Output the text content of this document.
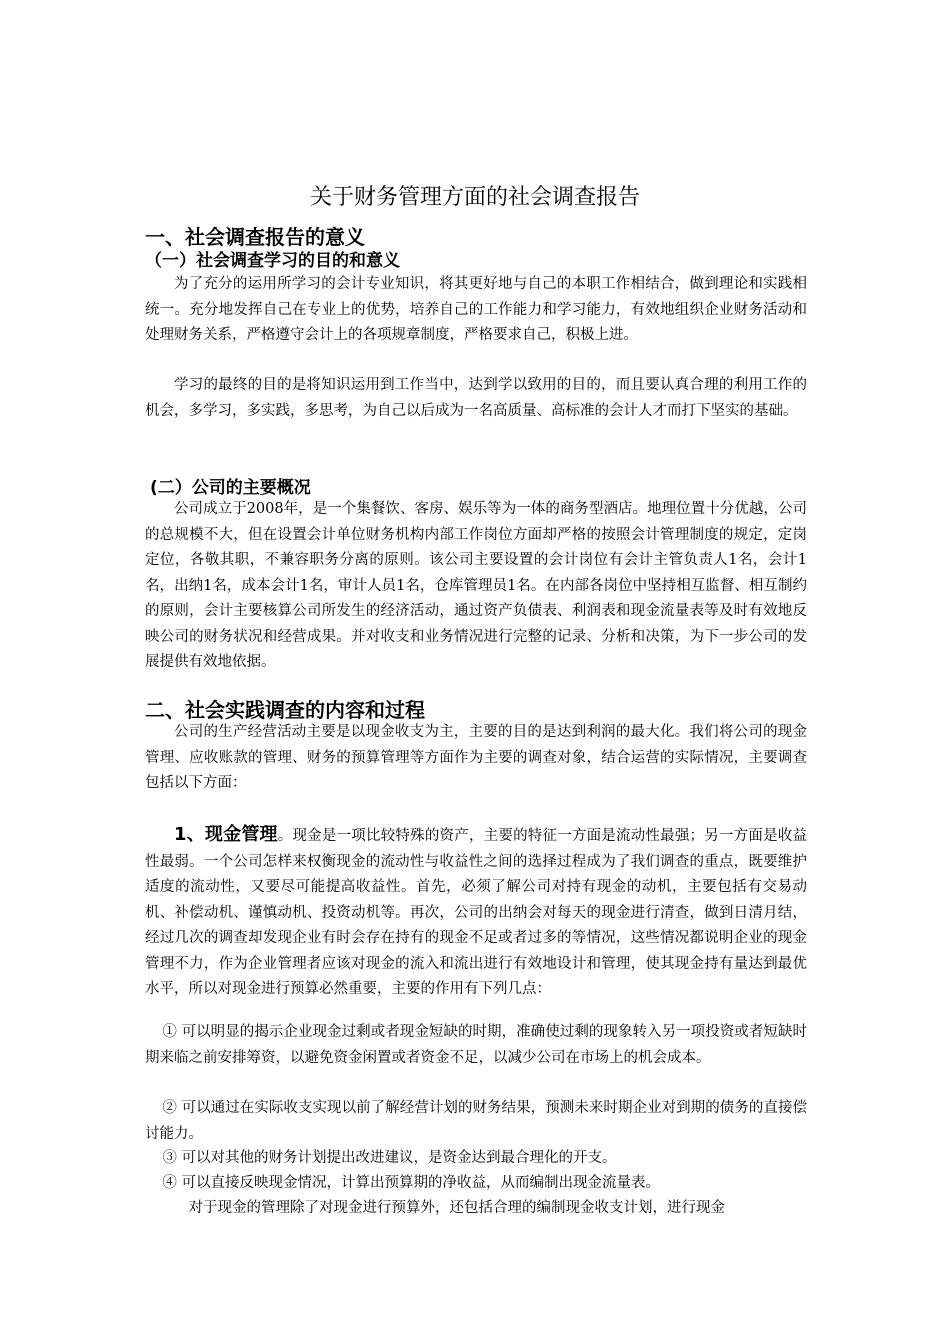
关于财务管理方面的社会调查报告
一、社会调查报告的意义
（一）社会调查学习的目的和意义

为了充分的运用所学习的会计专业知识，将其更好地与自己的本职工作相结合，做到理论和实践相统一。充分地发挥自己在专业上的优势，培养自己的工作能力和学习能力，有效地组织企业财务活动和处理财务关系，严格遵守会计上的各项规章制度，严格要求自己，积极上进。

学习的最终的目的是将知识运用到工作当中，达到学以致用的目的，而且要认真合理的利用工作的机会，多学习，多实践，多思考，为自己以后成为一名高质量、高标准的会计人才而打下坚实的基础。

(二）公司的主要概况

公司成立于2008年，是一个集餐饮、客房、娱乐等为一体的商务型酒店。地理位置十分优越，公司的总规模不大，但在设置会计单位财务机构内部工作岗位方面却严格的按照会计管理制度的规定，定岗定位，各敬其职，不兼容职务分离的原则。该公司主要设置的会计岗位有会计主管负责人1名，会计1名，出纳1名，成本会计1名，审计人员1名，仓库管理员1名。在内部各岗位中坚持相互监督、相互制约的原则，会计主要核算公司所发生的经济活动，通过资产负债表、利润表和现金流量表等及时有效地反映公司的财务状况和经营成果。并对收支和业务情况进行完整的记录、分析和决策，为下一步公司的发展提供有效地依据。

二、社会实践调查的内容和过程

公司的生产经营活动主要是以现金收支为主，主要的目的是达到利润的最大化。我们将公司的现金管理、应收账款的管理、财务的预算管理等方面作为主要的调查对象，结合运营的实际情况，主要调查包括以下方面：

1、现金管理。现金是一项比较特殊的资产，主要的特征一方面是流动性最强；另一方面是收益性最弱。一个公司怎样来权衡现金的流动性与收益性之间的选择过程成为了我们调查的重点，既要维护适度的流动性，又要尽可能提高收益性。首先，必须了解公司对持有现金的动机，主要包括有交易动机、补偿动机、谨慎动机、投资动机等。再次，公司的出纳会对每天的现金进行清查，做到日清月结，经过几次的调查却发现企业有时会存在持有的现金不足或者过多的等情况，这些情况都说明企业的现金管理不力，作为企业管理者应该对现金的流入和流出进行有效地设计和管理，使其现金持有量达到最优水平，所以对现金进行预算必然重要，主要的作用有下列几点：

① 可以明显的揭示企业现金过剩或者现金短缺的时期，准确使过剩的现象转入另一项投资或者短缺时期来临之前安排筹资，以避免资金闲置或者资金不足，以减少公司在市场上的机会成本。

② 可以通过在实际收支实现以前了解经营计划的财务结果，预测未来时期企业对到期的债务的直接偿讨能力。

③ 可以对其他的财务计划提出改进建议，是资金达到最合理化的开支。

④ 可以直接反映现金情况，计算出预算期的净收益，从而编制出现金流量表。

对于现金的管理除了对现金进行预算外，还包括合理的编制现金收支计划，进行现金
